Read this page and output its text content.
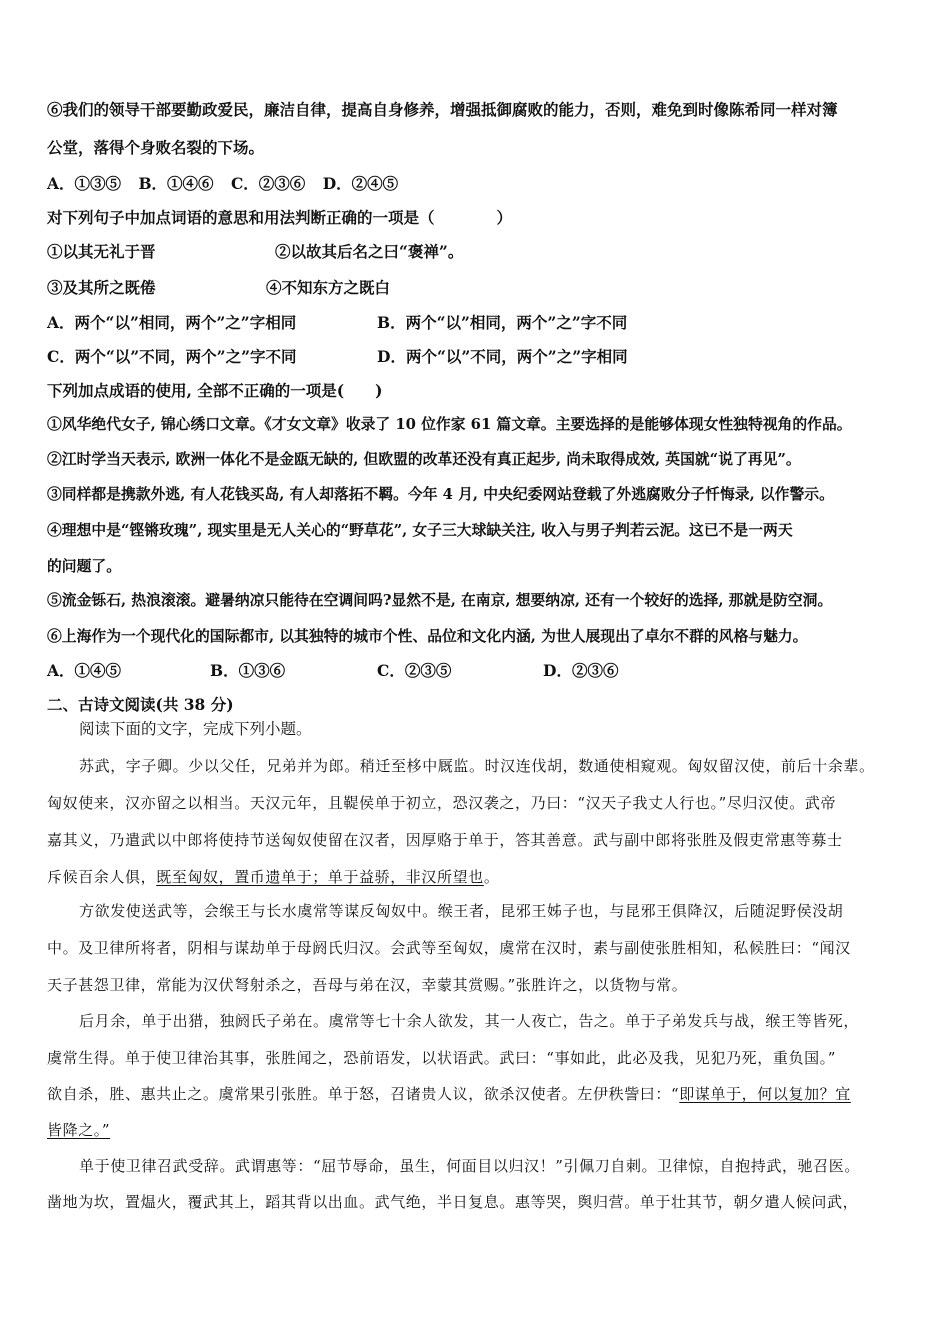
⑥我们的领导干部要勤政爱民，廉洁自律，提高自身修养，增强抵御腐败的能力，否则，难免到时像陈希同一样对簿
公堂，落得个身败名裂的下场。
A．①③⑤ B．①④⑥ C．②③⑥ D．②④⑤
对下列句子中加点词语的意思和用法判断正确的一项是（　　　　）
①以其无礼于晋	②以故其后名之曰“褒禅”。
③及其所之既倦	④不知东方之既白
A．两个“以”相同，两个”之”字相同	B．两个“以”相同，两个”之”字不同
C．两个“以”不同，两个”之”字不同	D．两个“以”不同，两个”之”字相同
下列加点成语的使用, 全部不正确的一项是(　　)
①风华绝代女子, 锦心绣口文章。《才女文章》收录了 10 位作家 61 篇文章。主要选择的是能够体现女性独特视角的作品。
②江时学当天表示, 欧洲一体化不是金瓯无缺的, 但欧盟的改革还没有真正起步, 尚未取得成效, 英国就“说了再见”。
③同样都是携款外逃, 有人花钱买岛, 有人却落拓不羁。今年 4 月, 中央纪委网站登载了外逃腐败分子忏悔录, 以作警示。
④理想中是“铿锵玫瑰”, 现实里是无人关心的“野草花”, 女子三大球缺关注, 收入与男子判若云泥。这已不是一两天
的问题了。
⑤流金铄石, 热浪滚滚。避暑纳凉只能待在空调间吗?显然不是, 在南京, 想要纳凉, 还有一个较好的选择, 那就是防空洞。
⑥上海作为一个现代化的国际都市, 以其独特的城市个性、品位和文化内涵, 为世人展现出了卓尔不群的风格与魅力。
A．①④⑤	B．①③⑥	C．②③⑤	D．②③⑥
二、古诗文阅读(共 38 分)
阅读下面的文字，完成下列小题。
苏武，字子卿。少以父任，兄弟并为郎。稍迁至栘中厩监。时汉连伐胡，数通使相窥观。匈奴留汉使，前后十余辈。
匈奴使来，汉亦留之以相当。天汉元年，且鞮侯单于初立，恐汉袭之，乃曰：“汉天子我丈人行也。”尽归汉使。武帝
嘉其义，乃遣武以中郎将使持节送匈奴使留在汉者，因厚赂于单于，答其善意。武与副中郎将张胜及假吏常惠等募士
斥候百余人俱，既至匈奴，置币遗单于；单于益骄，非汉所望也。
方欲发使送武等，会缑王与长水虞常等谋反匈奴中。缑王者，昆邪王姊子也，与昆邪王俱降汉，后随浞野侯没胡
中。及卫律所将者，阴相与谋劫单于母阏氏归汉。会武等至匈奴，虞常在汉时，素与副使张胜相知，私候胜曰：“闻汉
天子甚怨卫律，常能为汉伏弩射杀之，吾母与弟在汉，幸蒙其赏赐。”张胜许之，以货物与常。
后月余，单于出猎，独阏氏子弟在。虞常等七十余人欲发，其一人夜亡，告之。单于子弟发兵与战，缑王等皆死，
虞常生得。单于使卫律治其事，张胜闻之，恐前语发，以状语武。武曰：“事如此，此必及我，见犯乃死，重负国。”
欲自杀，胜、惠共止之。虞常果引张胜。单于怒，召诸贵人议，欲杀汉使者。左伊秩訾曰：“即谋单于，何以复加？宜
皆降之。”
单于使卫律召武受辞。武谓惠等：“屈节辱命，虽生，何面目以归汉！”引佩刀自刺。卫律惊，自抱持武，驰召医。
凿地为坎，置煴火，覆武其上，蹈其背以出血。武气绝，半日复息。惠等哭，舆归营。单于壮其节，朝夕遣人候问武，
